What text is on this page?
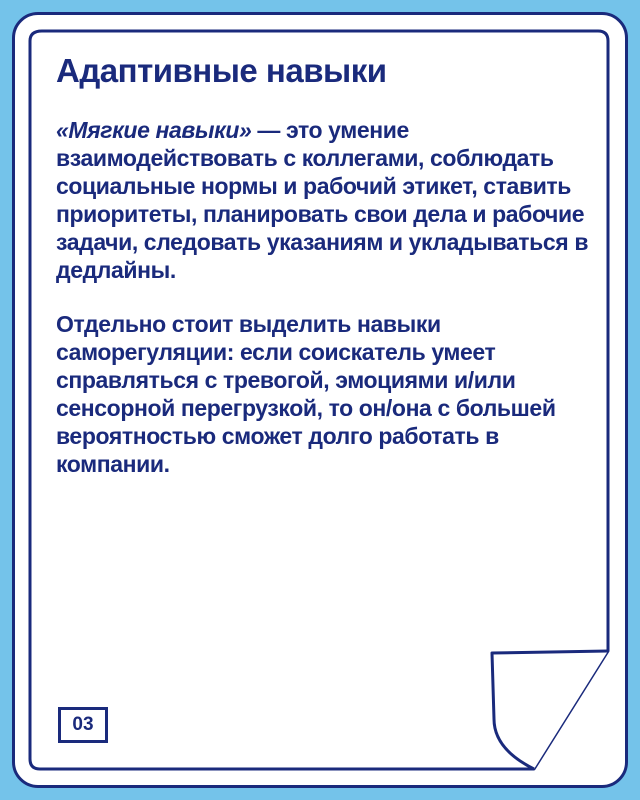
Адаптивные навыки

«Мягкие навыки» — это умение взаимодействовать с коллегами, соблюдать социальные нормы и рабочий этикет, ставить приоритеты, планировать свои дела и рабочие задачи, следовать указаниям и укладываться в дедлайны.

Отдельно стоит выделить навыки саморегуляции: если соискатель умеет справляться с тревогой, эмоциями и/или сенсорной перегрузкой, то он/она с большей вероятностью сможет долго работать в компании.

03
